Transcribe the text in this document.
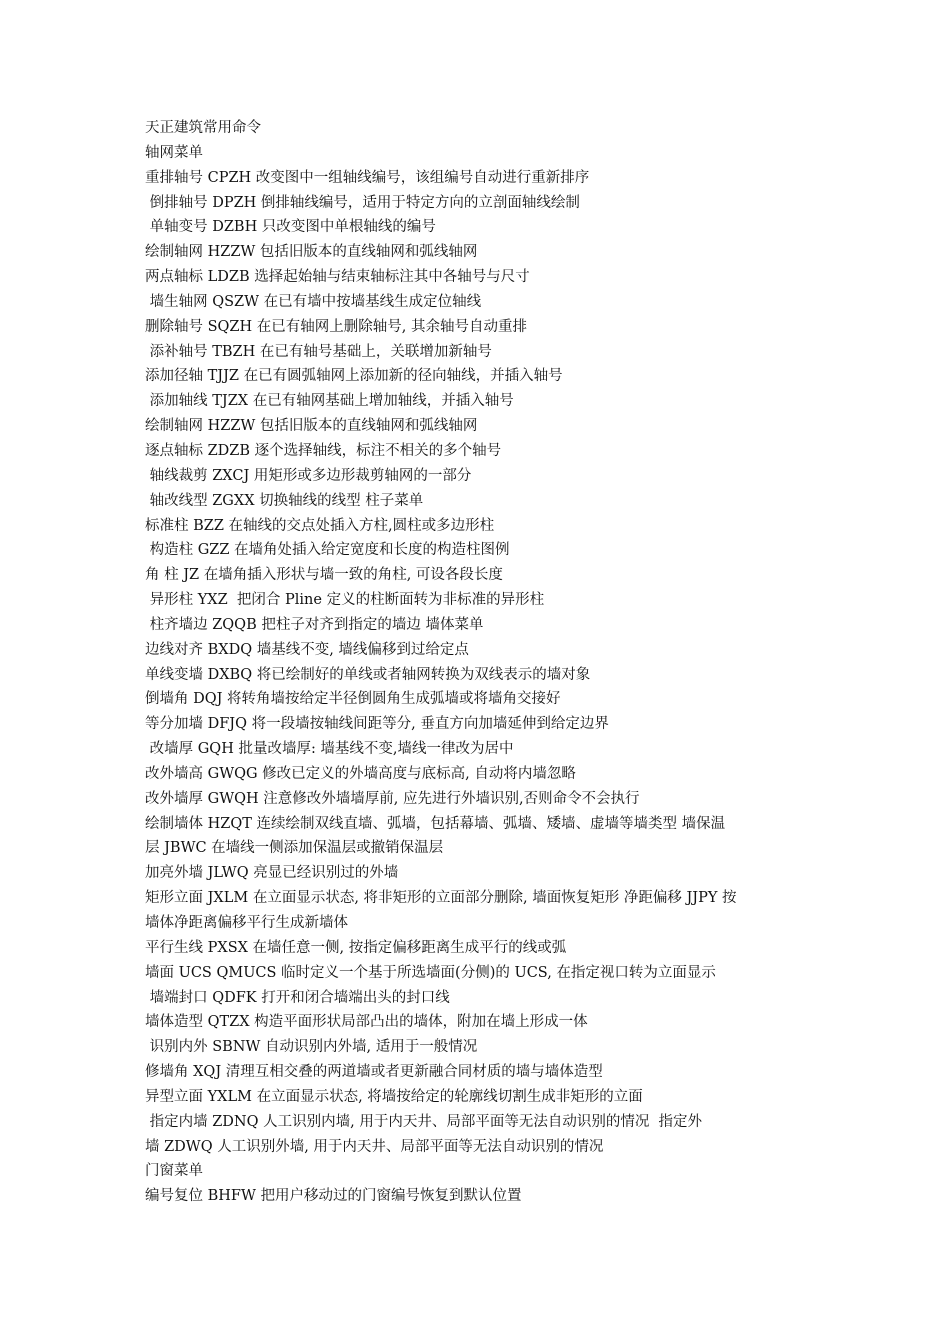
天正建筑常用命令
轴网菜单
重排轴号 CPZH 改变图中一组轴线编号，该组编号自动进行重新排序
倒排轴号 DPZH 倒排轴线编号，适用于特定方向的立剖面轴线绘制
单轴变号 DZBH 只改变图中单根轴线的编号
绘制轴网 HZZW 包括旧版本的直线轴网和弧线轴网
两点轴标 LDZB 选择起始轴与结束轴标注其中各轴号与尺寸
墙生轴网 QSZW 在已有墙中按墙基线生成定位轴线
删除轴号 SQZH 在已有轴网上删除轴号, 其余轴号自动重排
添补轴号 TBZH 在已有轴号基础上，关联增加新轴号
添加径轴 TJJZ 在已有圆弧轴网上添加新的径向轴线，并插入轴号
添加轴线 TJZX 在已有轴网基础上增加轴线，并插入轴号
绘制轴网 HZZW 包括旧版本的直线轴网和弧线轴网
逐点轴标 ZDZB 逐个选择轴线，标注不相关的多个轴号
轴线裁剪 ZXCJ 用矩形或多边形裁剪轴网的一部分
轴改线型 ZGXX 切换轴线的线型 柱子菜单
标准柱 BZZ 在轴线的交点处插入方柱,圆柱或多边形柱
构造柱 GZZ 在墙角处插入给定宽度和长度的构造柱图例
角 柱 JZ 在墙角插入形状与墙一致的角柱, 可设各段长度
异形柱 YXZ  把闭合 Pline 定义的柱断面转为非标准的异形柱
柱齐墙边 ZQQB 把柱子对齐到指定的墙边 墙体菜单
边线对齐 BXDQ 墙基线不变, 墙线偏移到过给定点
单线变墙 DXBQ 将已绘制好的单线或者轴网转换为双线表示的墙对象
倒墙角 DQJ 将转角墙按给定半径倒圆角生成弧墙或将墙角交接好
等分加墙 DFJQ 将一段墙按轴线间距等分, 垂直方向加墙延伸到给定边界
改墙厚 GQH 批量改墙厚: 墙基线不变,墙线一律改为居中
改外墙高 GWQG 修改已定义的外墙高度与底标高, 自动将内墙忽略
改外墙厚 GWQH 注意修改外墙墙厚前, 应先进行外墙识别,否则命令不会执行
绘制墙体 HZQT 连续绘制双线直墙、弧墙，包括幕墙、弧墙、矮墙、虚墙等墙类型 墙保温
层 JBWC 在墙线一侧添加保温层或撤销保温层
加亮外墙 JLWQ 亮显已经识别过的外墙
矩形立面 JXLM 在立面显示状态, 将非矩形的立面部分删除, 墙面恢复矩形 净距偏移 JJPY 按
墙体净距离偏移平行生成新墙体
平行生线 PXSX 在墙任意一侧, 按指定偏移距离生成平行的线或弧
墙面 UCS QMUCS 临时定义一个基于所选墙面(分侧)的 UCS, 在指定视口转为立面显示
墙端封口 QDFK 打开和闭合墙端出头的封口线
墙体造型 QTZX 构造平面形状局部凸出的墙体，附加在墙上形成一体
识别内外 SBNW 自动识别内外墙, 适用于一般情况
修墙角 XQJ 清理互相交叠的两道墙或者更新融合同材质的墙与墙体造型
异型立面 YXLM 在立面显示状态, 将墙按给定的轮廓线切割生成非矩形的立面
指定内墙 ZDNQ 人工识别内墙, 用于内天井、局部平面等无法自动识别的情况  指定外
墙 ZDWQ 人工识别外墙, 用于内天井、局部平面等无法自动识别的情况
门窗菜单
编号复位 BHFW 把用户移动过的门窗编号恢复到默认位置
